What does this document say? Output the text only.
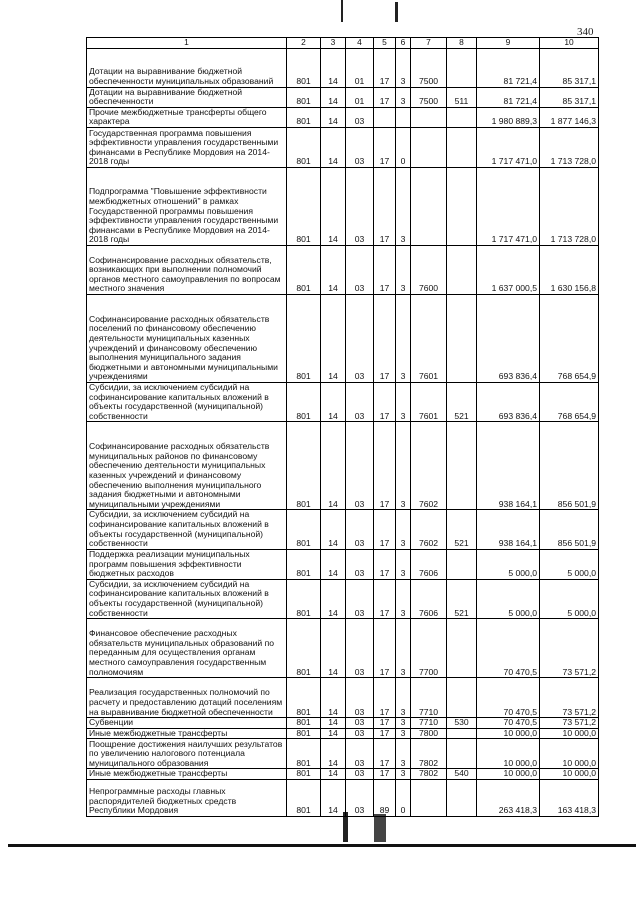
340
1	2	3	4	5	6	7	8	9	10
Дотации на выравнивание бюджетной обеспеченности муниципальных образований	801	14	01	17	3	7500		81 721,4	85 317,1
Дотации на выравнивание бюджетной обеспеченности	801	14	01	17	3	7500	511	81 721,4	85 317,1
Прочие межбюджетные трансферты общего характера	801	14	03					1 980 889,3	1 877 146,3
Государственная программа повышения эффективности управления государственными финансами в Республике Мордовия на 2014-2018 годы	801	14	03	17	0			1 717 471,0	1 713 728,0
Подпрограмма "Повышение эффективности межбюджетных отношений" в рамках Государственной программы повышения эффективности управления государственными финансами в Республике Мордовия на 2014-2018 годы	801	14	03	17	3			1 717 471,0	1 713 728,0
Софинансирование расходных обязательств, возникающих при выполнении полномочий органов местного самоуправления по вопросам местного значения	801	14	03	17	3	7600		1 637 000,5	1 630 156,8
Софинансирование расходных обязательств поселений по финансовому обеспечению деятельности муниципальных казенных учреждений и финансовому обеспечению выполнения муниципального задания бюджетными и автономными муниципальными учреждениями	801	14	03	17	3	7601		693 836,4	768 654,9
Субсидии, за исключением субсидий на софинансирование капитальных вложений в объекты государственной (муниципальной) собственности	801	14	03	17	3	7601	521	693 836,4	768 654,9
Софинансирование расходных обязательств муниципальных районов по финансовому обеспечению деятельности муниципальных казенных учреждений и финансовому обеспечению выполнения муниципального задания бюджетными и автономными муниципальными учреждениями	801	14	03	17	3	7602		938 164,1	856 501,9
Субсидии, за исключением субсидий на софинансирование капитальных вложений в объекты государственной (муниципальной) собственности	801	14	03	17	3	7602	521	938 164,1	856 501,9
Поддержка реализации муниципальных программ повышения эффективности бюджетных расходов	801	14	03	17	3	7606		5 000,0	5 000,0
Субсидии, за исключением субсидий на софинансирование капитальных вложений в объекты государственной (муниципальной) собственности	801	14	03	17	3	7606	521	5 000,0	5 000,0
Финансовое обеспечение расходных обязательств муниципальных образований по переданным для осуществления органам местного самоуправления государственным полномочиям	801	14	03	17	3	7700		70 470,5	73 571,2
Реализация государственных полномочий по расчету и предоставлению дотаций поселениям на выравнивание бюджетной обеспеченности	801	14	03	17	3	7710		70 470,5	73 571,2
Субвенции	801	14	03	17	3	7710	530	70 470,5	73 571,2
Иные межбюджетные трансферты	801	14	03	17	3	7800		10 000,0	10 000,0
Поощрение достижения наилучших результатов по увеличению налогового потенциала муниципального образования	801	14	03	17	3	7802		10 000,0	10 000,0
Иные межбюджетные трансферты	801	14	03	17	3	7802	540	10 000,0	10 000,0
Непрограммные расходы главных распорядителей бюджетных средств Республики Мордовия	801	14	03	89	0			263 418,3	163 418,3
